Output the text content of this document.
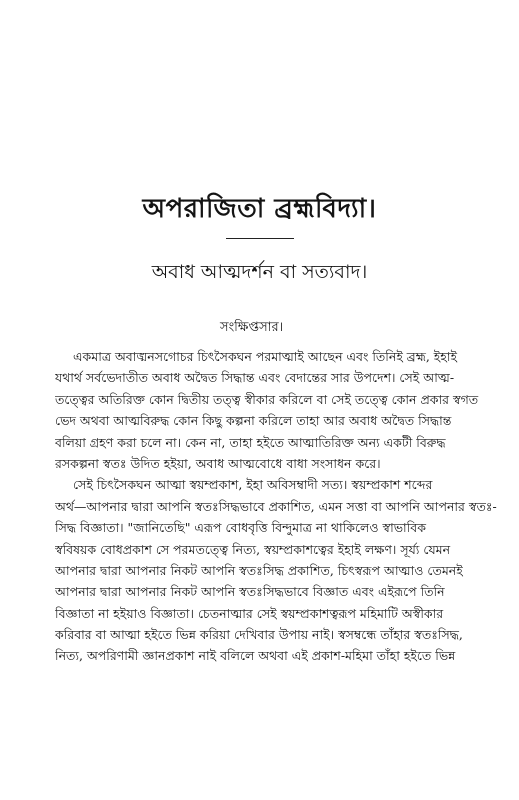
অপরাজিতা ব্রহ্মবিদ্যা।
অবাধ আত্মদর্শন বা সত্যবাদ।
সংক্ষিপ্তসার।
একমাত্র অবাঙ্মনসগোচর চিৎসৈকঘন পরমাত্মাই আছেন এবং তিনিই ব্রহ্ম, ইহাই
যথার্থ সর্বভেদাতীত অবাধ অদ্বৈত সিদ্ধান্ত এবং বেদান্তের সার উপদেশ। সেই আত্ম-
তত্ত্বের অতিরিক্ত কোন দ্বিতীয় তত্ত্ব স্বীকার করিলে বা সেই তত্ত্বে কোন প্রকার স্বগত
ভেদ অথবা আত্মবিরুদ্ধ কোন কিছু কল্পনা করিলে তাহা আর অবাধ অদ্বৈত সিদ্ধান্ত
বলিয়া গ্রহণ করা চলে না। কেন না, তাহা হইতে আত্মাতিরিক্ত অন্য একটী বিরুদ্ধ
রসকল্পনা স্বতঃ উদিত হইয়া, অবাধ আত্মবোধে বাধা সংসাধন করে।
সেই চিৎসৈকঘন আত্মা স্বয়ম্প্রকাশ, ইহা অবিসম্বাদী সত্য। স্বয়ম্প্রকাশ শব্দের
অর্থ—আপনার দ্বারা আপনি স্বতঃসিদ্ধভাবে প্রকাশিত, এমন সত্তা বা আপনি আপনার স্বতঃ-
সিদ্ধ বিজ্ঞাতা। "জানিতেছি" এরূপ বোধবৃত্তি বিন্দুমাত্র না থাকিলেও স্বাভাবিক
স্ববিষয়ক বোধপ্রকাশ সে পরমতত্ত্বে নিত্য, স্বয়ম্প্রকাশত্বের ইহাই লক্ষণ। সূর্য্য যেমন
আপনার দ্বারা আপনার নিকট আপনি স্বতঃসিদ্ধ প্রকাশিত, চিৎস্বরূপ আত্মাও তেমনই
আপনার দ্বারা আপনার নিকট আপনি স্বতঃসিদ্ধভাবে বিজ্ঞাত এবং এইরূপে তিনি
বিজ্ঞাতা না হইয়াও বিজ্ঞাতা। চেতনাত্মার সেই স্বয়ম্প্রকাশত্বরূপ মহিমাটি অস্বীকার
করিবার বা আত্মা হইতে ভিন্ন করিয়া দেখিবার উপায় নাই। স্বসম্বন্ধে তাঁহার স্বতঃসিদ্ধ,
নিত্য, অপরিণামী জ্ঞানপ্রকাশ নাই বলিলে অথবা এই প্রকাশ-মহিমা তাঁহা হইতে ভিন্ন
